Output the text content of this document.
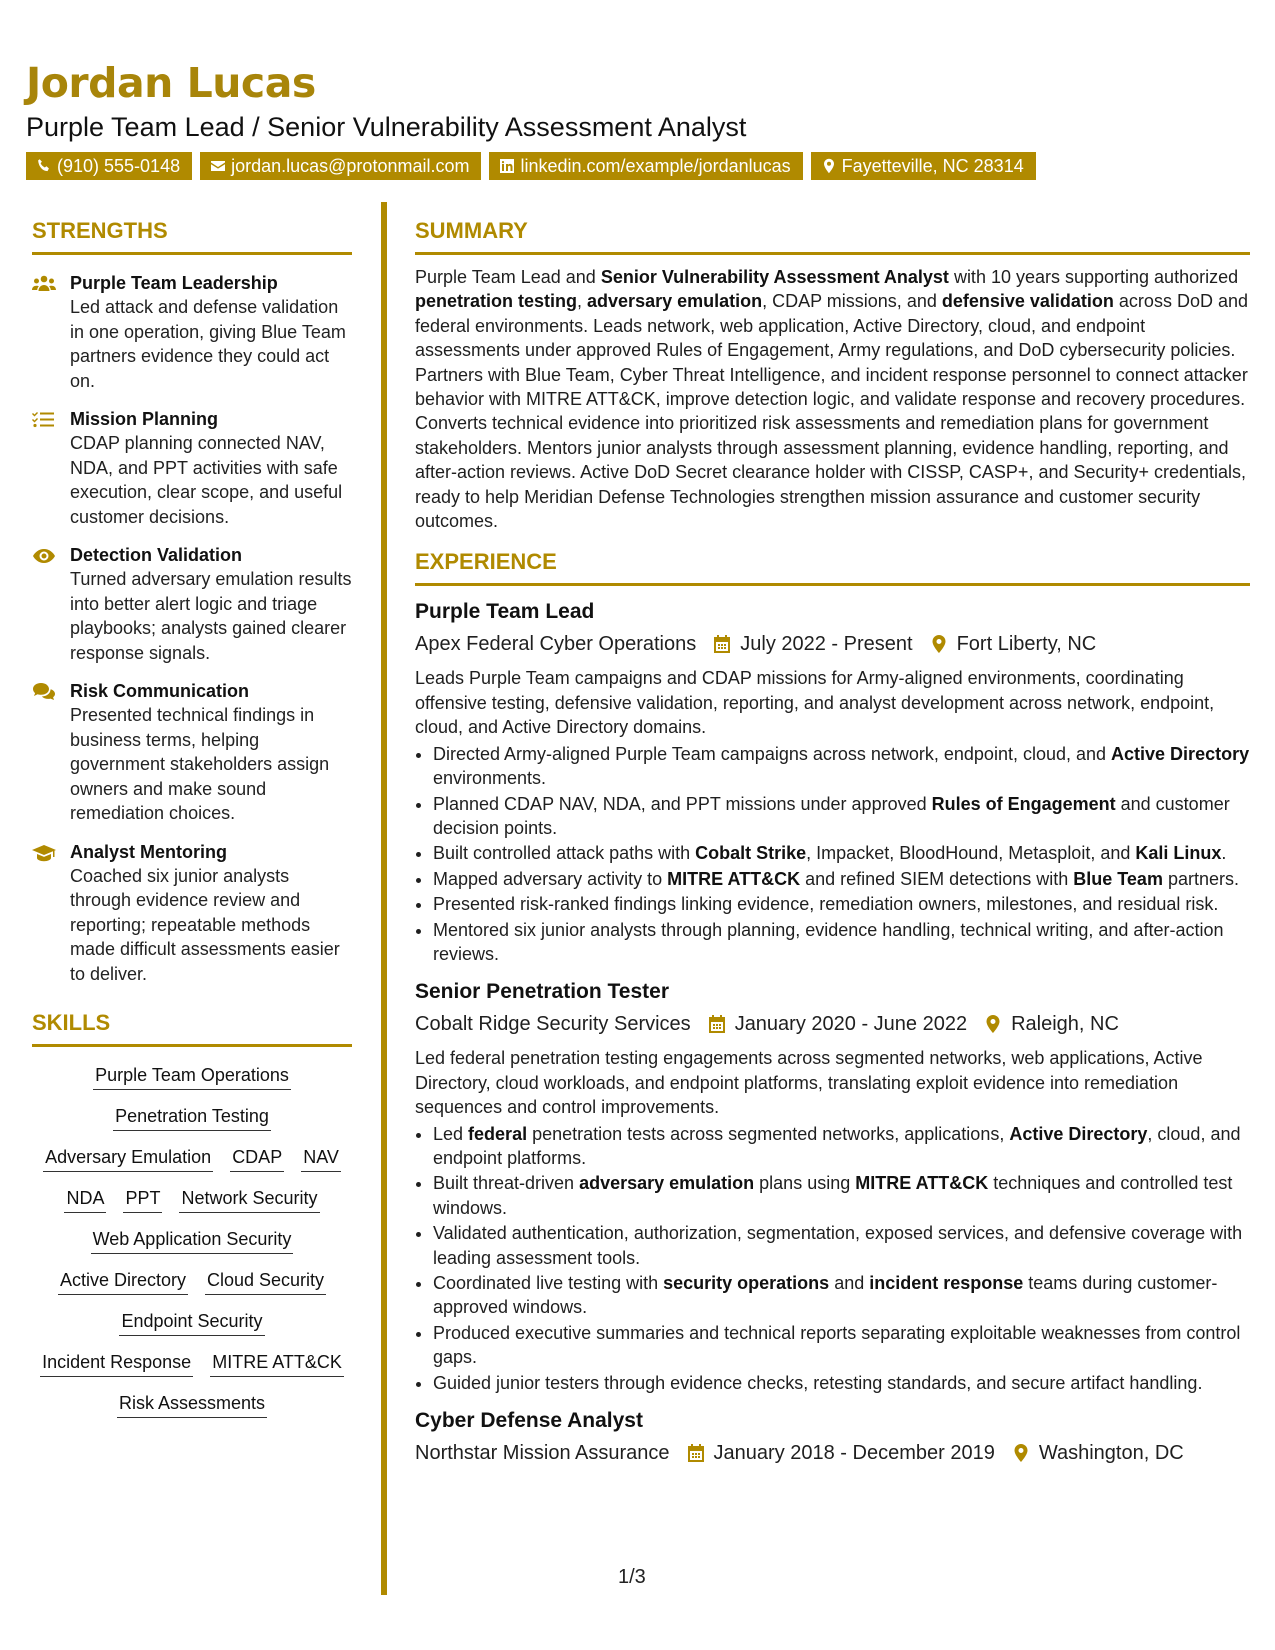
Jordan Lucas
Purple Team Lead / Senior Vulnerability Assessment Analyst
(910) 555-0148	jordan.lucas@protonmail.com	linkedin.com/example/jordanlucas	Fayetteville, NC 28314
STRENGTHS
Purple Team Leadership
Led attack and defense validation in one operation, giving Blue Team partners evidence they could act on.
Mission Planning
CDAP planning connected NAV, NDA, and PPT activities with safe execution, clear scope, and useful customer decisions.
Detection Validation
Turned adversary emulation results into better alert logic and triage playbooks; analysts gained clearer response signals.
Risk Communication
Presented technical findings in business terms, helping government stakeholders assign owners and make sound remediation choices.
Analyst Mentoring
Coached six junior analysts through evidence review and reporting; repeatable methods made difficult assessments easier to deliver.
SKILLS
Purple Team Operations
Penetration Testing
Adversary Emulation CDAP NAV
NDA PPT Network Security
Web Application Security
Active Directory Cloud Security
Endpoint Security
Incident Response MITRE ATT&CK
Risk Assessments
SUMMARY
Purple Team Lead and Senior Vulnerability Assessment Analyst with 10 years supporting authorized penetration testing, adversary emulation, CDAP missions, and defensive validation across DoD and federal environments. Leads network, web application, Active Directory, cloud, and endpoint assessments under approved Rules of Engagement, Army regulations, and DoD cybersecurity policies. Partners with Blue Team, Cyber Threat Intelligence, and incident response personnel to connect attacker behavior with MITRE ATT&CK, improve detection logic, and validate response and recovery procedures. Converts technical evidence into prioritized risk assessments and remediation plans for government stakeholders. Mentors junior analysts through assessment planning, evidence handling, reporting, and after-action reviews. Active DoD Secret clearance holder with CISSP, CASP+, and Security+ credentials, ready to help Meridian Defense Technologies strengthen mission assurance and customer security outcomes.
EXPERIENCE
Purple Team Lead
Apex Federal Cyber Operations July 2022 - Present Fort Liberty, NC
Leads Purple Team campaigns and CDAP missions for Army-aligned environments, coordinating offensive testing, defensive validation, reporting, and analyst development across network, endpoint, cloud, and Active Directory domains.
• Directed Army-aligned Purple Team campaigns across network, endpoint, cloud, and Active Directory environments.
• Planned CDAP NAV, NDA, and PPT missions under approved Rules of Engagement and customer decision points.
• Built controlled attack paths with Cobalt Strike, Impacket, BloodHound, Metasploit, and Kali Linux.
• Mapped adversary activity to MITRE ATT&CK and refined SIEM detections with Blue Team partners.
• Presented risk-ranked findings linking evidence, remediation owners, milestones, and residual risk.
• Mentored six junior analysts through planning, evidence handling, technical writing, and after-action reviews.
Senior Penetration Tester
Cobalt Ridge Security Services January 2020 - June 2022 Raleigh, NC
Led federal penetration testing engagements across segmented networks, web applications, Active Directory, cloud workloads, and endpoint platforms, translating exploit evidence into remediation sequences and control improvements.
• Led federal penetration tests across segmented networks, applications, Active Directory, cloud, and endpoint platforms.
• Built threat-driven adversary emulation plans using MITRE ATT&CK techniques and controlled test windows.
• Validated authentication, authorization, segmentation, exposed services, and defensive coverage with leading assessment tools.
• Coordinated live testing with security operations and incident response teams during customer-approved windows.
• Produced executive summaries and technical reports separating exploitable weaknesses from control gaps.
• Guided junior testers through evidence checks, retesting standards, and secure artifact handling.
Cyber Defense Analyst
Northstar Mission Assurance January 2018 - December 2019 Washington, DC
1/3
